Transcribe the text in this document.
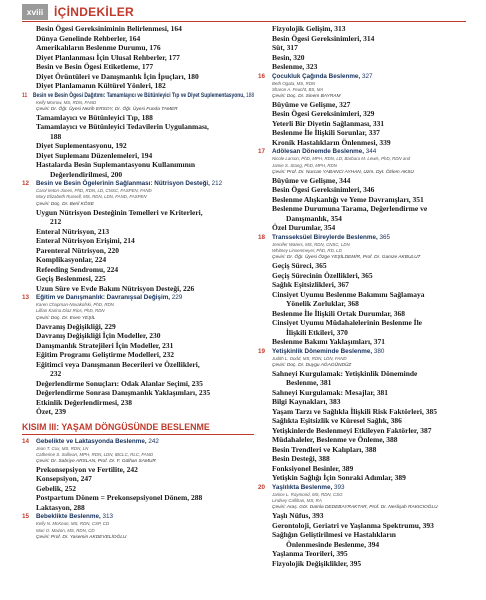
xviii İÇİNDEKİLER
Besin Ögesi Gereksiniminin Belirlenmesi, 164
Dünya Genelinde Rehberler, 164
Amerikalıların Beslenme Durumu, 176
Diyet Planlanması İçin Ulusal Rehberler, 177
Besin ve Besin Ögesi Etiketleme, 177
Diyet Örüntüleri ve Danışmanlık İçin İpuçları, 180
Diyet Planlamanın Kültürel Yönleri, 182
11 Besin ve Besin Ögesi Dağıtımı: Tamamlayıcı ve Bütünleyici Tıp ve Diyet Suplementasyonu, 188
Kelly Morrow, MS, RDN, FAND
Çeviri: Dr. Öğr. Üyesi Nezih ERSOY, Dr. Öğr. Üyesi Funda TAMER
Tamamlayıcı ve Bütünleyici Tıp, 188
Tamamlayıcı ve Bütünleyici Tedavilerin Uygulanması,
188
Diyet Suplementasyonu, 192
Diyet Suplemanı Düzenlemeleri, 194
Hastalarda Besin Suplemantasyonu Kullanımının
Değerlendirilmesi, 200
12 Besin ve Besin Ögelerinin Sağlanması: Nütrisyon Desteği, 212
Carol Ireton-Jones, PhD, RDN, LD, CNSC, FASPEN, FAND
Mary Elizabeth Russell, MS, RDN, LDN, FAND, FASPEN
Çeviri: Doç. Dr. Beril KÖSE
Uygun Nütrisyon Desteğinin Temelleri ve Kriterleri,
212
Enteral Nütrisyon, 213
Enteral Nütrisyon Erişimi, 214
Parenteral Nütrisyon, 220
Komplikasyonlar, 224
Refeeding Sendromu, 224
Geçiş Beslenmesi, 225
Uzun Süre ve Evde Bakım Nütrisyon Desteği, 226
13 Eğitim ve Danışmanlık: Davranışsal Değişim, 229
Karen Chapman-Novakofski, PhD, RDN
Lillian Karina Díaz Ríos, PhD, RDN
Çeviri: Doç. Dr. Esen YEŞİL
Davranış Değişikliği, 229
Davranış Değişikliği İçin Modeller, 230
Danışmanlık Stratejileri İçin Modeller, 231
Eğitim Programı Geliştirme Modelleri, 232
Eğitimci veya Danışmanın Becerileri ve Özellikleri,
232
Değerlendirme Sonuçları: Odak Alanlar Seçimi, 235
Değerlendirme Sonrası Danışmanlık Yaklaşımları, 235
Etkinlik Değerlendirmesi, 238
Özet, 239
KISIM III: YAŞAM DÖNGÜSÜNDE BESLENME
14 Gebelikte ve Laktasyonda Beslenme, 242
Jean T. Cox, MS, RDN, LN
Catherine S. Sullivan, MPH, RDN, LDN, IBCLC, RLC, FAND
Çeviri: Dr. Sabriye ARSLAN, Prof. Dr. F. Gülhan SAMUR
Prekonsepsiyon ve Fertilite, 242
Konsepsiyon, 247
Gebelik, 252
Postpartum Dönem = Prekonsepsiyonel Dönem, 288
Laktasyon, 288
15 Bebeklikte Beslenme, 313
Kelly N. McKean, MS, RDN, CSP, CD
Mari O. Mazon, MS, RDN, CD
Çeviri: Prof. Dr. Yasemin AKDEVELİOĞLU
Fizyolojik Gelişim, 313
Besin Ögesi Gereksinimleri, 314
Süt, 317
Besin, 320
Beslenme, 323
16 Çocukluk Çağında Beslenme, 327
Beth Ogata, MS, RDN
Sharon A. Feucht, BS, MA
Çeviri: Doç. Dr. Sinem BAYRAM
Büyüme ve Gelişme, 327
Besin Ögesi Gereksinimleri, 329
Yeterli Bir Diyetin Sağlanması, 331
Beslenme İle İlişkili Sorunlar, 337
Kronik Hastalıkların Önlenmesi, 339
17 Adölesan Dönemde Beslenme, 344
Nicole Larson, PhD, MPH, RDN, LD; Barbara M. Lewis, PhD, RDN and
Jamie S. Stang, PhD, MPH, RDN
Çeviri: Prof. Dr. Nurcan YABANCI AYHAN, Uzm. Dyt. Özlem AKSU
Büyüme ve Gelişme, 344
Besin Ögesi Gereksinimleri, 346
Beslenme Alışkanlığı ve Yeme Davranışları, 351
Beslenme Durumuna Tarama, Değerlendirme ve
Danışmanlık, 354
Özel Durumlar, 354
18 Transseksüel Bireylerde Beslenme, 365
Jennifer Waters, MS, RDN, CNSC, LDN
Whitney Linsenmeyer, PhD, RD, LD
Çeviri: Dr. Öğr. Üyesi Özge YEŞİLDEMİR, Prof. Dr. Gamze AKBULUT
Geçiş Süreci, 365
Geçiş Sürecinin Özellikleri, 365
Sağlık Eşitsizlikleri, 367
Cinsiyet Uyumu Beslenme Bakımını Sağlamaya
Yönelik Zorluklar, 368
Beslenme İle İlişkili Ortak Durumlar, 368
Cinsiyet Uyumu Müdahalelerinin Beslenme İle
İlişkili Etkileri, 370
Beslenme Bakımı Yaklaşımları, 371
19 Yetişkinlik Döneminde Beslenme, 380
Judith L. Dodd, MS, RDN, LDN, FAND
Çeviri: Doç. Dr. Duygu AĞAGÜNDÜZ
Sahneyi Kurgulamak: Yetişkinlik Döneminde
Beslenme, 381
Sahneyi Kurgulamak: Mesajlar, 381
Bilgi Kaynakları, 383
Yaşam Tarzı ve Sağlıkla İlişkili Risk Faktörleri, 385
Sağlıkta Eşitsizlik ve Küresel Sağlık, 386
Yetişkinlerde Beslenmeyi Etkileyen Faktörler, 387
Müdahaleler, Beslenme ve Önleme, 388
Besin Trendleri ve Kalıpları, 388
Besin Desteği, 388
Fonksiyonel Besinler, 389
Yetişkin Sağlığı İçin Sonraki Adımlar, 389
20 Yaşlılıkta Beslenme, 393
Janice L. Raymond, MS, RDN, CSG
Lindsey Callihan, MS, RA
Çeviri: Araş. Gör. Damla DEDEBAYRAKTAR, Prof. Dr. Neslişah RAKICIOĞLU
Yaşlı Nüfus, 393
Gerontoloji, Geriatri ve Yaşlanma Spektrumu, 393
Sağlığın Geliştirilmesi ve Hastalıkların
Önlenmesinde Beslenme, 394
Yaşlanma Teorileri, 395
Fizyolojik Değişiklikler, 395
